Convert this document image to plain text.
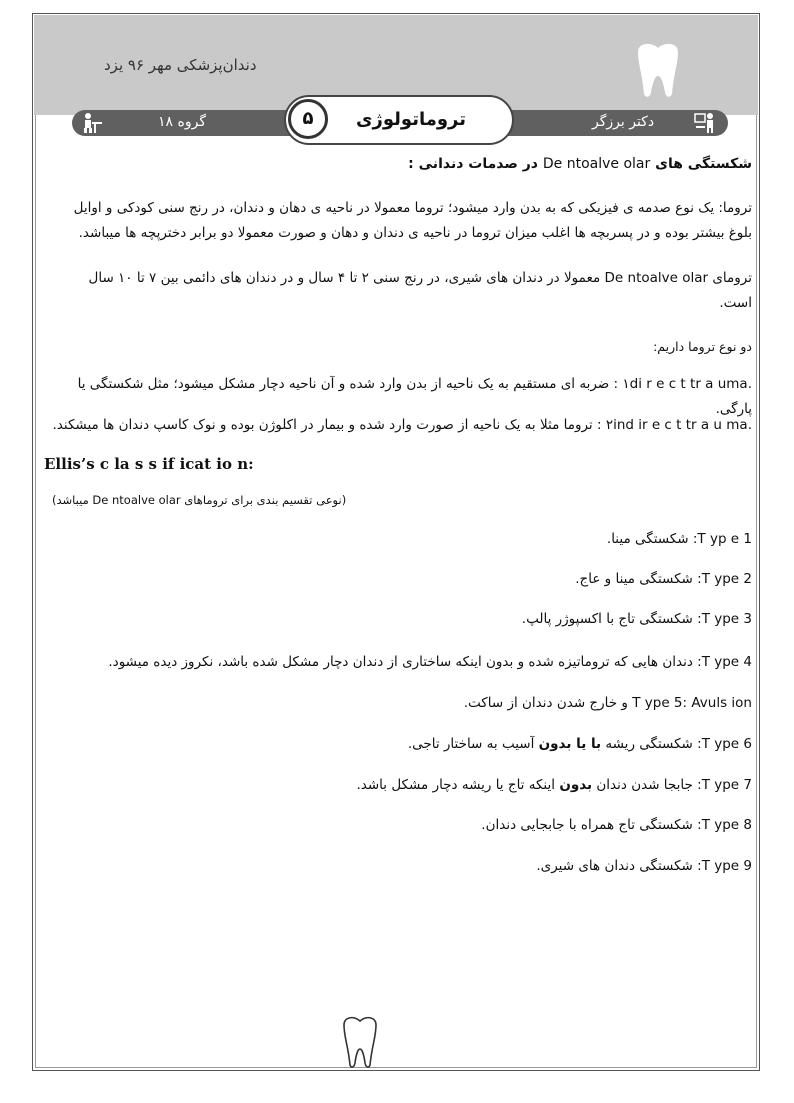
دندان‌پزشکی مهر ۹۶ یزد
گروه ۱۸	دکتر برزگر
۵	تروماتولوژی
شکستگی های De ntoalve olar در صدمات دندانی :
تروما: یک نوع صدمه ی فیزیکی که به بدن وارد میشود؛ تروما معمولا در ناحیه ی دهان و دندان، در رنج سنی کودکی و اوایل
بلوغ بیشتر بوده و در پسربچه ها اغلب میزان تروما در ناحیه ی دندان و دهان و صورت معمولا دو برابر دخترپچه ها میباشد.
ترومای De ntoalve olar معمولا در دندان های شیری، در رنج سنی ۲ تا ۴ سال و در دندان های دائمی بین ۷ تا ۱۰ سال
است.
دو نوع تروما داریم:
.۱di r e c t tr a uma : ضربه ای مستقیم به یک ناحیه از بدن وارد شده و آن ناحیه دچار مشکل میشود؛ مثل شکستگی یا پارگی.
.۲ind ir e c t tr a u ma : تروما مثلا به یک ناحیه از صورت وارد شده و بیمار در اکلوژن بوده و نوک کاسپ دندان ها میشکند.
Ellis’s c la s s if icat io n:
(نوعی تقسیم بندی برای تروماهای De ntoalve olar میباشد)
T yp e 1: شکستگی مینا.
T ype 2: شکستگی مینا و عاج.
T ype 3: شکستگی تاج با اکسپوژر پالپ.
T ype 4: دندان هایی که تروماتیزه شده و بدون اینکه ساختاری از دندان دچار مشکل شده باشد، نکروز دیده میشود.
T ype 5: Avuls ion و خارج شدن دندان از ساکت.
T ype 6: شکستگی ریشه با یا بدون آسیب به ساختار تاجی.
T ype 7: جابجا شدن دندان بدون اینکه تاج یا ریشه دچار مشکل باشد.
T ype 8: شکستگی تاج همراه با جابجایی دندان.
T ype 9: شکستگی دندان های شیری.
